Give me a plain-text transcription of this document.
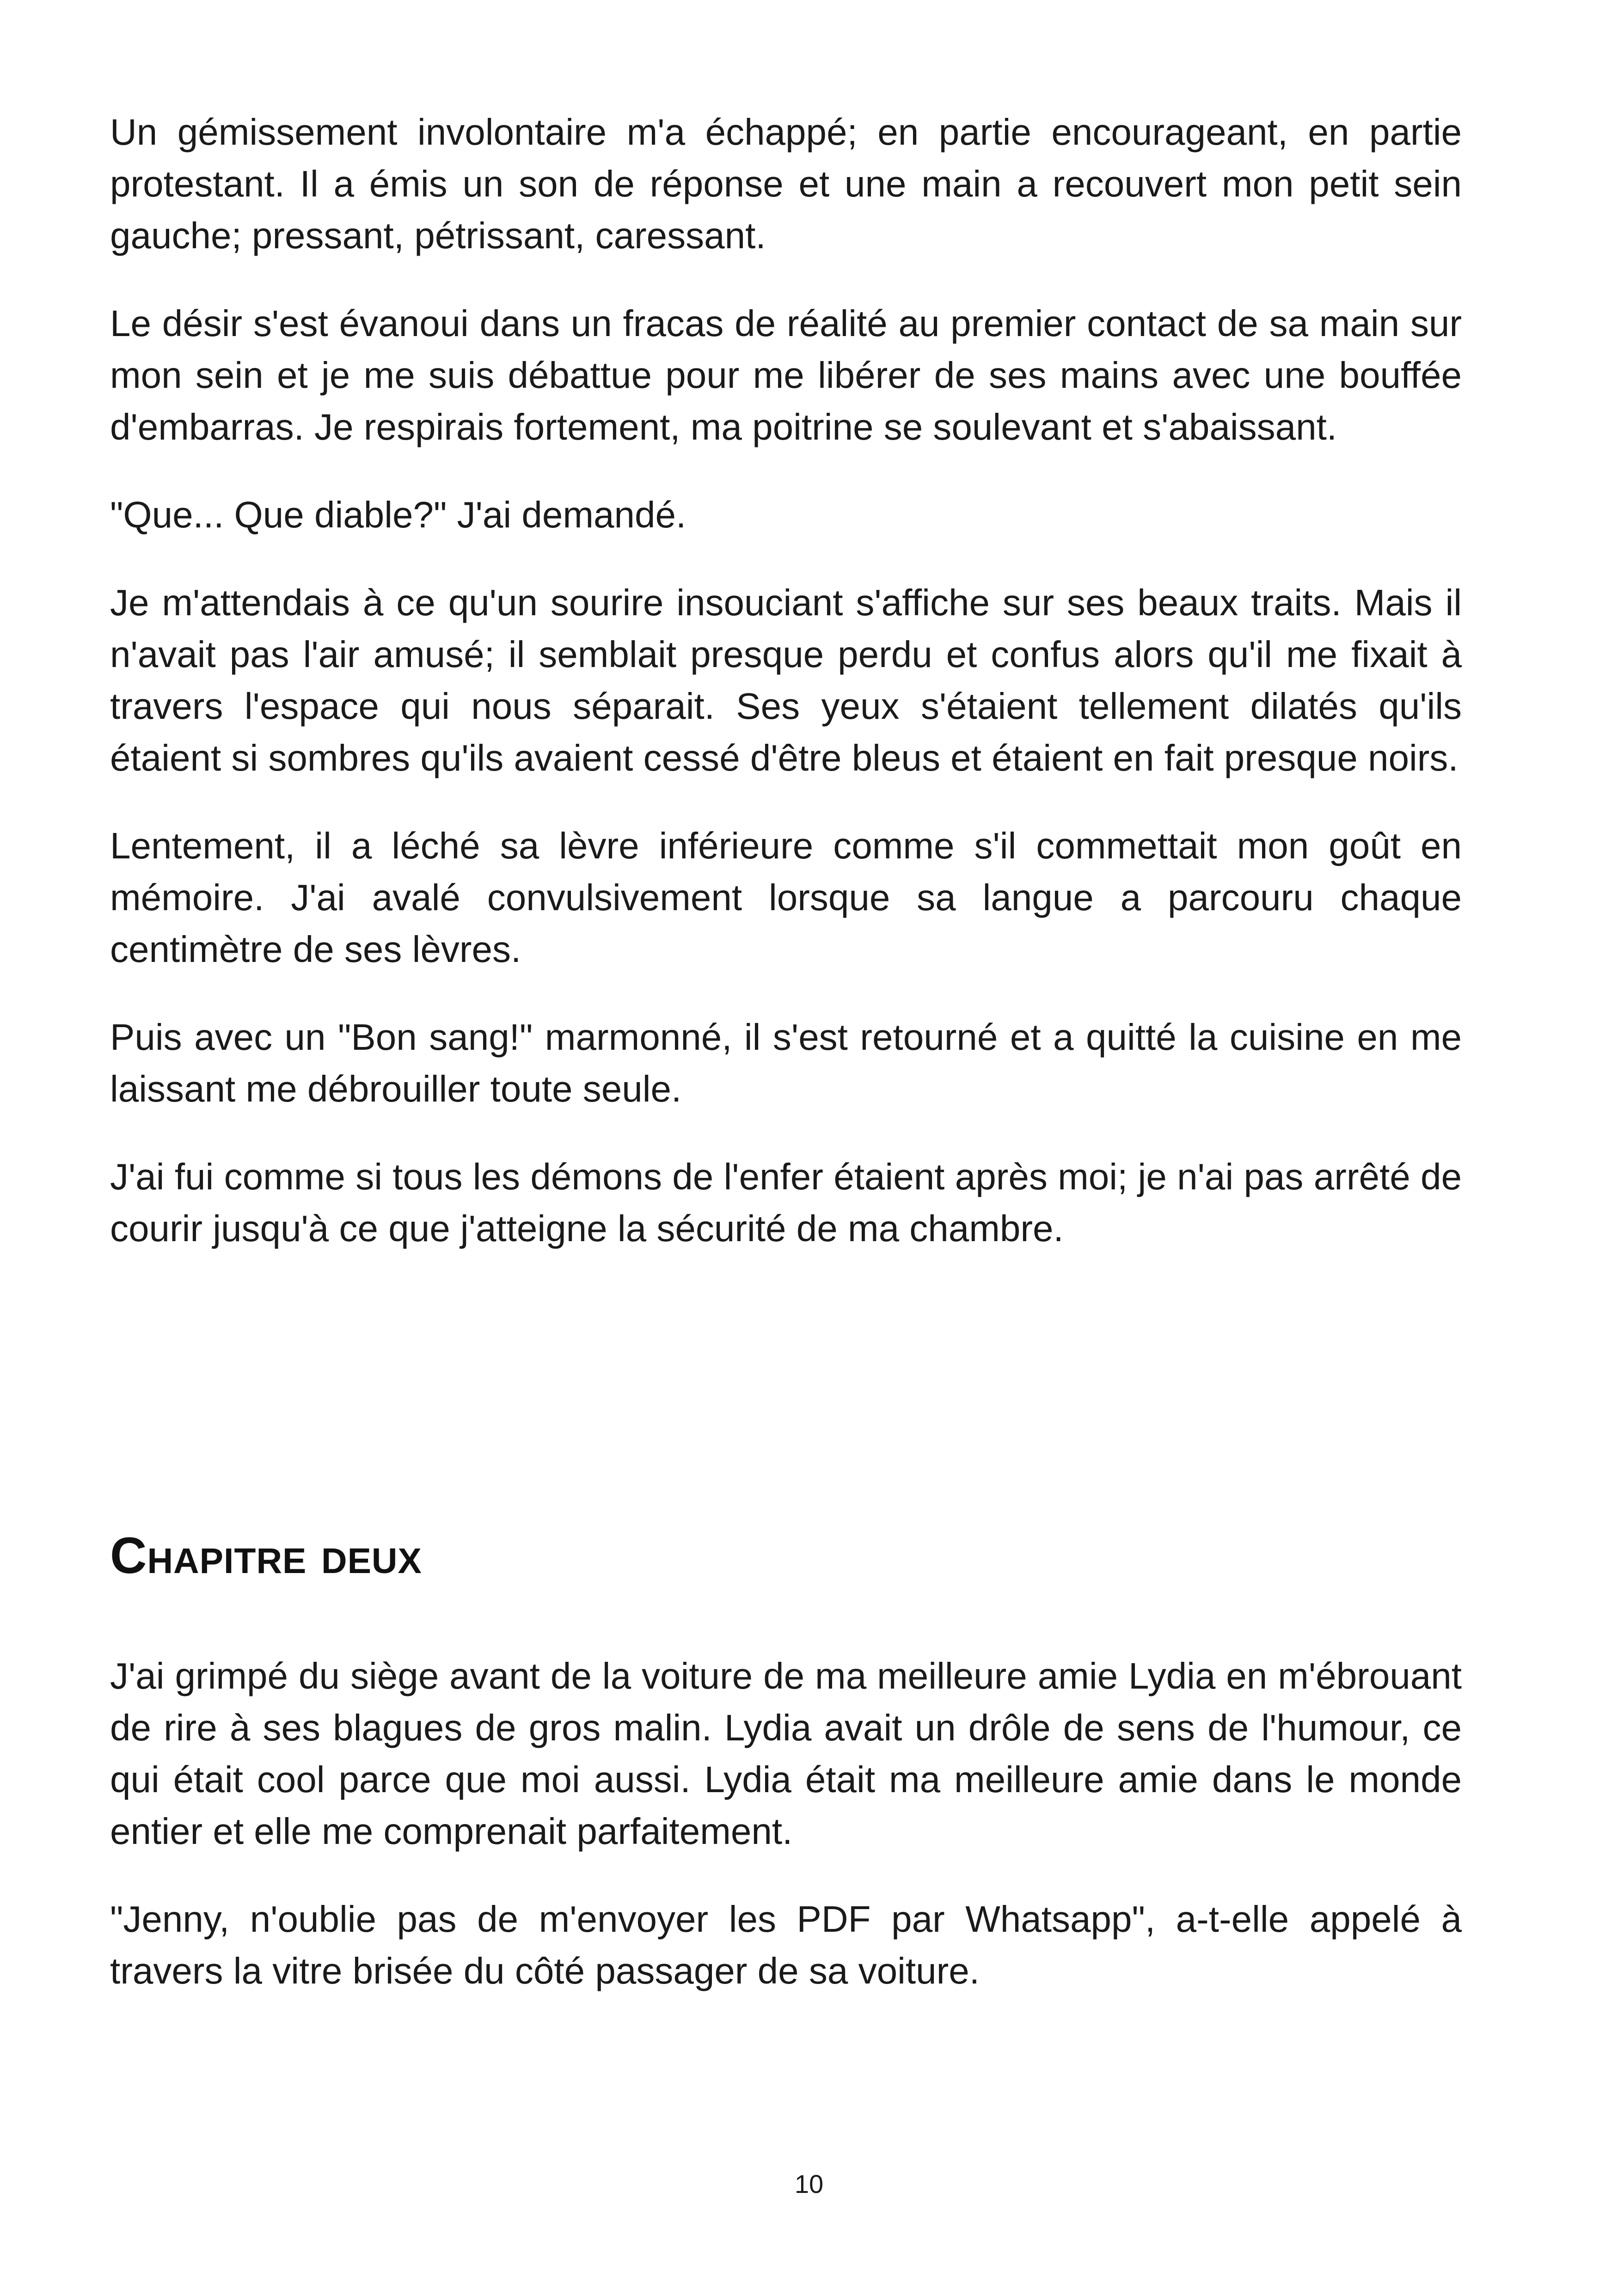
Un gémissement involontaire m'a échappé; en partie encourageant, en partie protestant. Il a émis un son de réponse et une main a recouvert mon petit sein gauche; pressant, pétrissant, caressant.

Le désir s'est évanoui dans un fracas de réalité au premier contact de sa main sur mon sein et je me suis débattue pour me libérer de ses mains avec une bouffée d'embarras. Je respirais fortement, ma poitrine se soulevant et s'abaissant.

"Que... Que diable?" J'ai demandé.

Je m'attendais à ce qu'un sourire insouciant s'affiche sur ses beaux traits. Mais il n'avait pas l'air amusé; il semblait presque perdu et confus alors qu'il me fixait à travers l'espace qui nous séparait. Ses yeux s'étaient tellement dilatés qu'ils étaient si sombres qu'ils avaient cessé d'être bleus et étaient en fait presque noirs.

Lentement, il a léché sa lèvre inférieure comme s'il commettait mon goût en mémoire. J'ai avalé convulsivement lorsque sa langue a parcouru chaque centimètre de ses lèvres.

Puis avec un "Bon sang!" marmonné, il s'est retourné et a quitté la cuisine en me laissant me débrouiller toute seule.

J'ai fui comme si tous les démons de l'enfer étaient après moi; je n'ai pas arrêté de courir jusqu'à ce que j'atteigne la sécurité de ma chambre.

Chapitre deux

J'ai grimpé du siège avant de la voiture de ma meilleure amie Lydia en m'ébrouant de rire à ses blagues de gros malin. Lydia avait un drôle de sens de l'humour, ce qui était cool parce que moi aussi. Lydia était ma meilleure amie dans le monde entier et elle me comprenait parfaitement.

"Jenny, n'oublie pas de m'envoyer les PDF par Whatsapp", a-t-elle appelé à travers la vitre brisée du côté passager de sa voiture.

10
